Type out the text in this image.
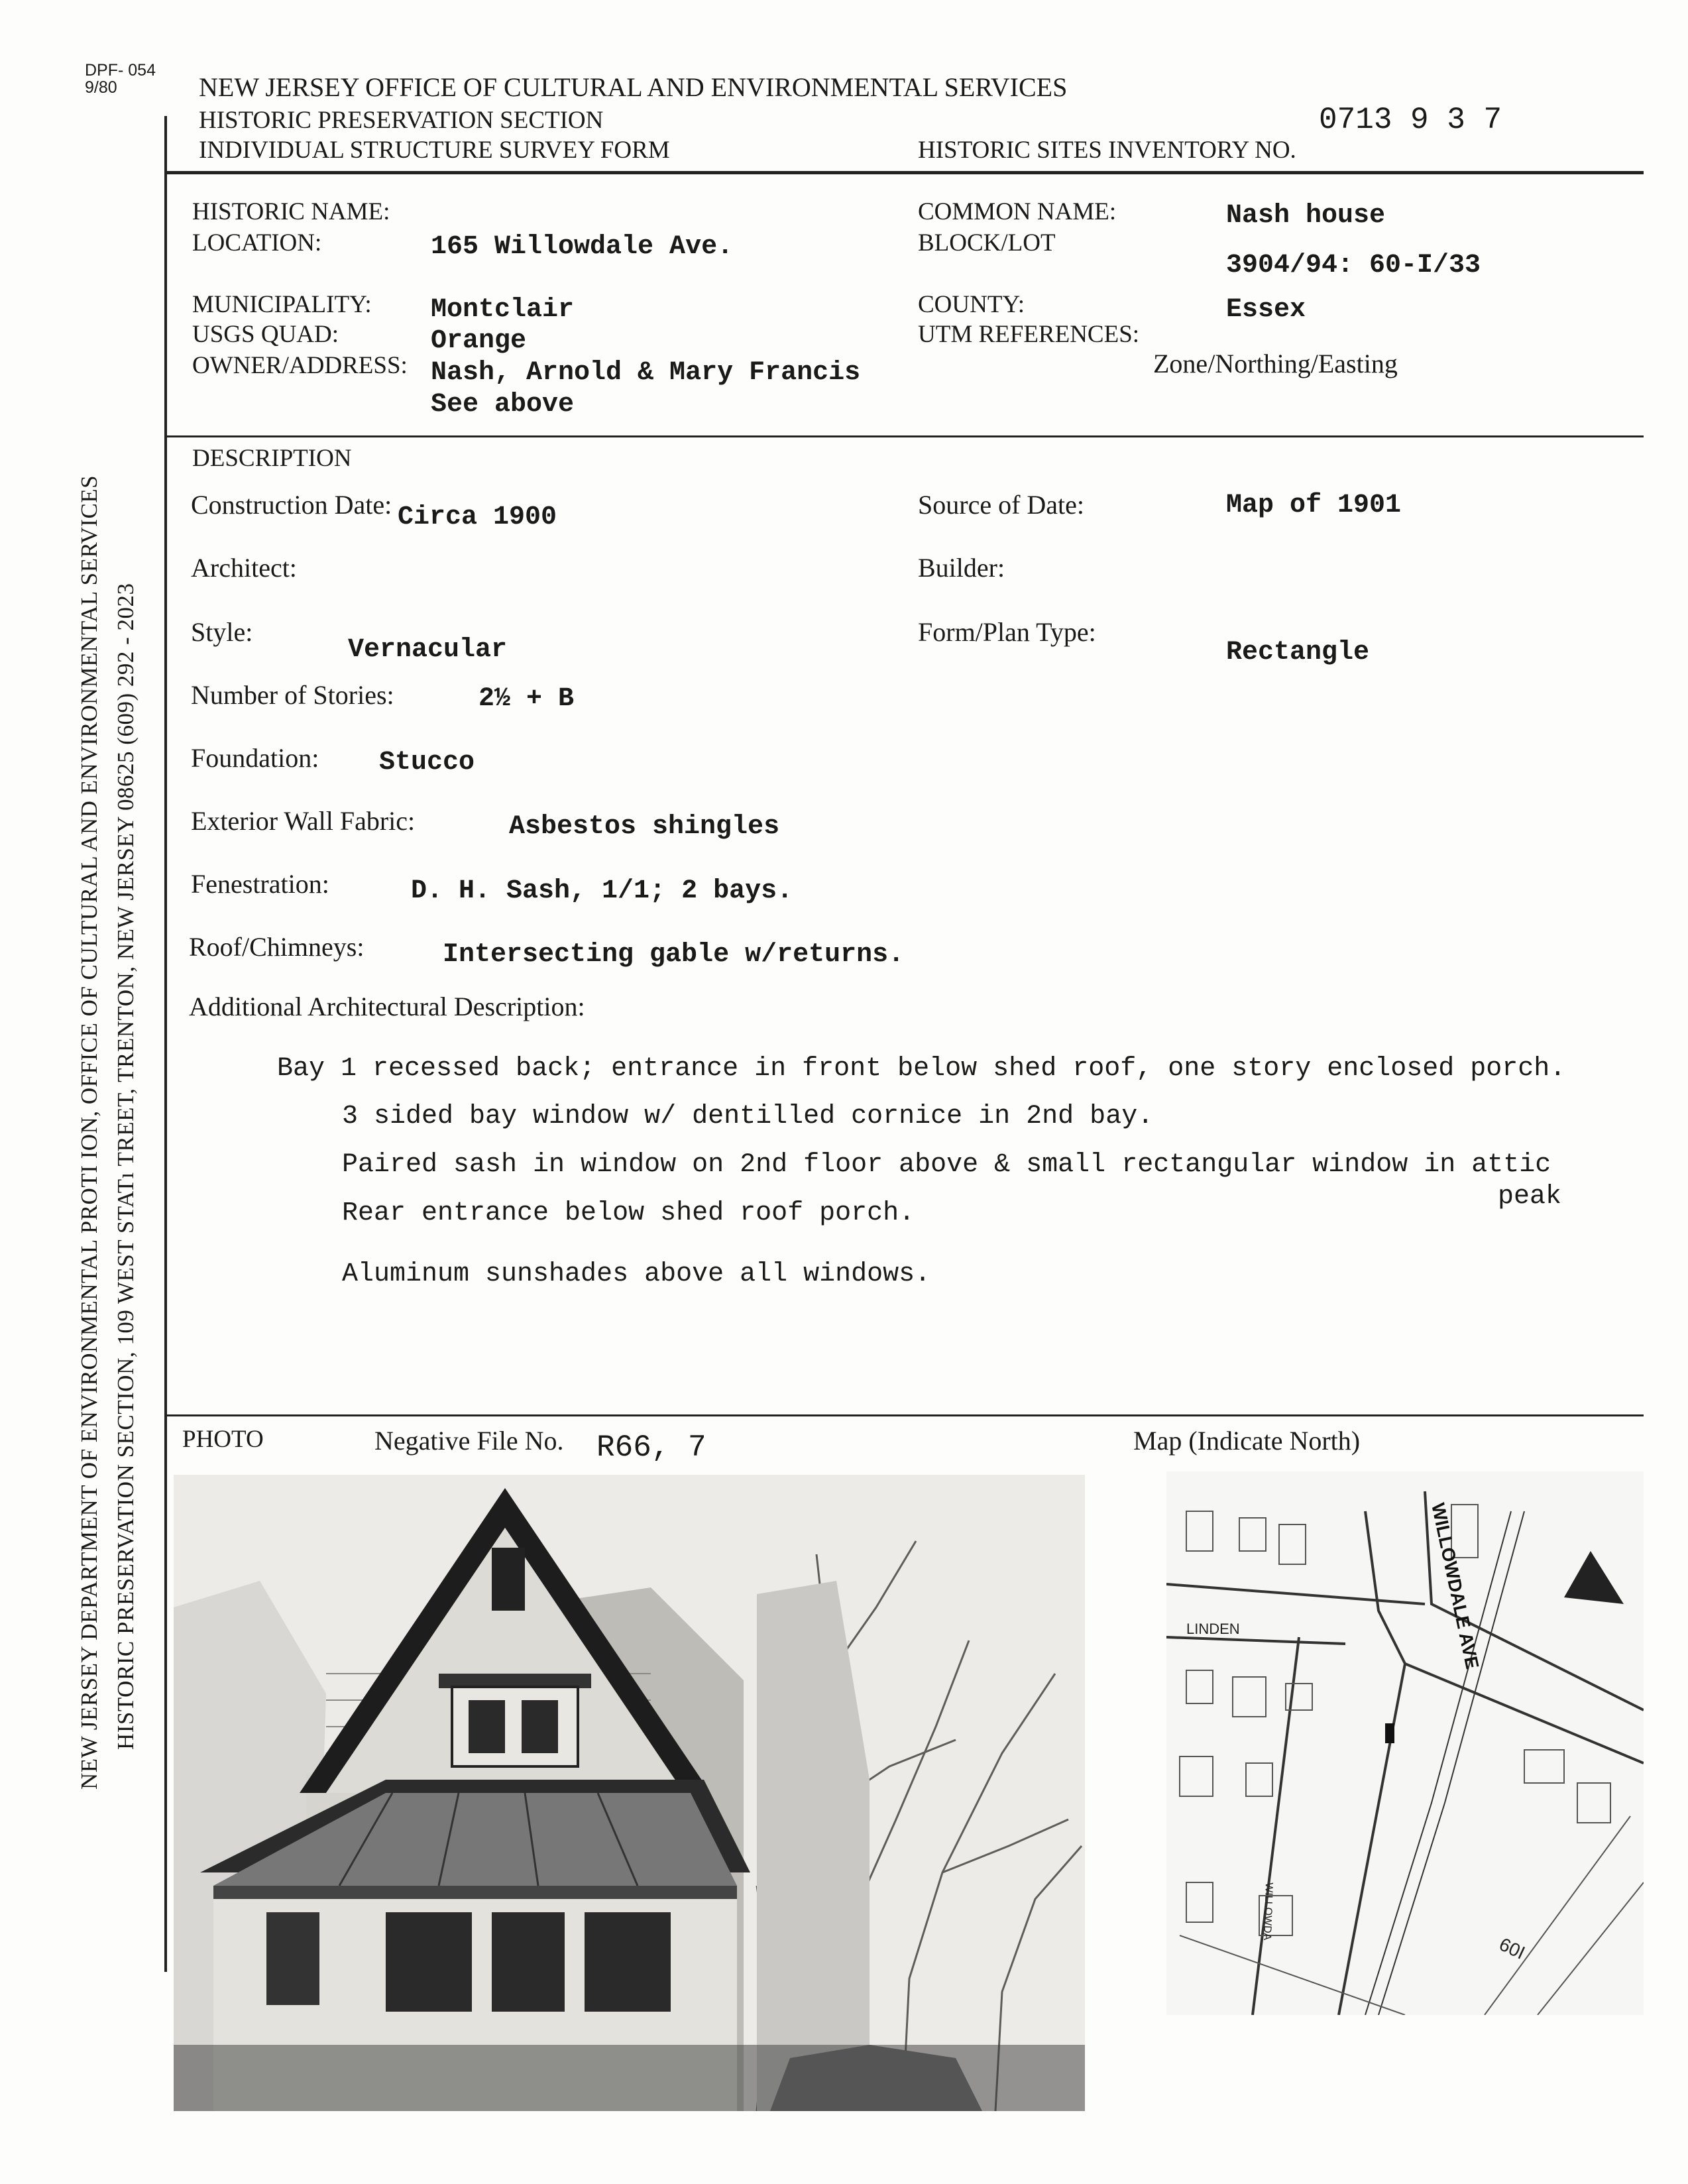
DPF- 054
9/80	NEW JERSEY OFFICE OF CULTURAL AND ENVIRONMENTAL SERVICES
HISTORIC PRESERVATION SECTION
INDIVIDUAL STRUCTURE SURVEY FORM	HISTORIC SITES INVENTORY NO.
0713 9 3 7
NEW JERSEY DEPARTMENT OF ENVIRONMENTAL PROTI ION, OFFICE OF CULTURAL AND ENVIRONMENTAL SERVICES HISTORIC PRESERVATION SECTION, 109 WEST STATı TREET, TRENTON, NEW JERSEY 08625 (609) 292 - 2023
HISTORIC NAME:
LOCATION:	165 Willowdale Ave.
COMMON NAME:	Nash house
BLOCK/LOT
3904/94: 60-I/33
MUNICIPALITY: Montclair
USGS QUAD:	Orange
OWNER/ADDRESS: Nash, Arnold & Mary Francis
See above
COUNTY:	Essex
UTM REFERENCES:
Zone/Northing/Easting
DESCRIPTION
Construction Date: Circa 1900	Source of Date:	Map of 1901
Architect:	Builder:
Style:
Vernacular
Form/Plan Type:
Rectangle
Number of Stories:	2½ + B
Foundation: Stucco
Exterior Wall Fabric:	Asbestos shingles
Fenestration:	D. H. Sash, 1/1; 2 bays.
Roof/Chimneys:	Intersecting gable w/returns.
Additional Architectural Description:
Bay 1 recessed back; entrance in front below shed roof, one story enclosed porch.
3 sided bay window w/ dentilled cornice in 2nd bay.
Paired sash in window on 2nd floor above & small rectangular window in attic
peak
Rear entrance below shed roof porch.
Aluminum sunshades above all windows.
PHOTO	Negative File No. R66, 7	Map (Indicate North)
LINDEN	WILLOWDALE AVE
WILLOWDA
60I
